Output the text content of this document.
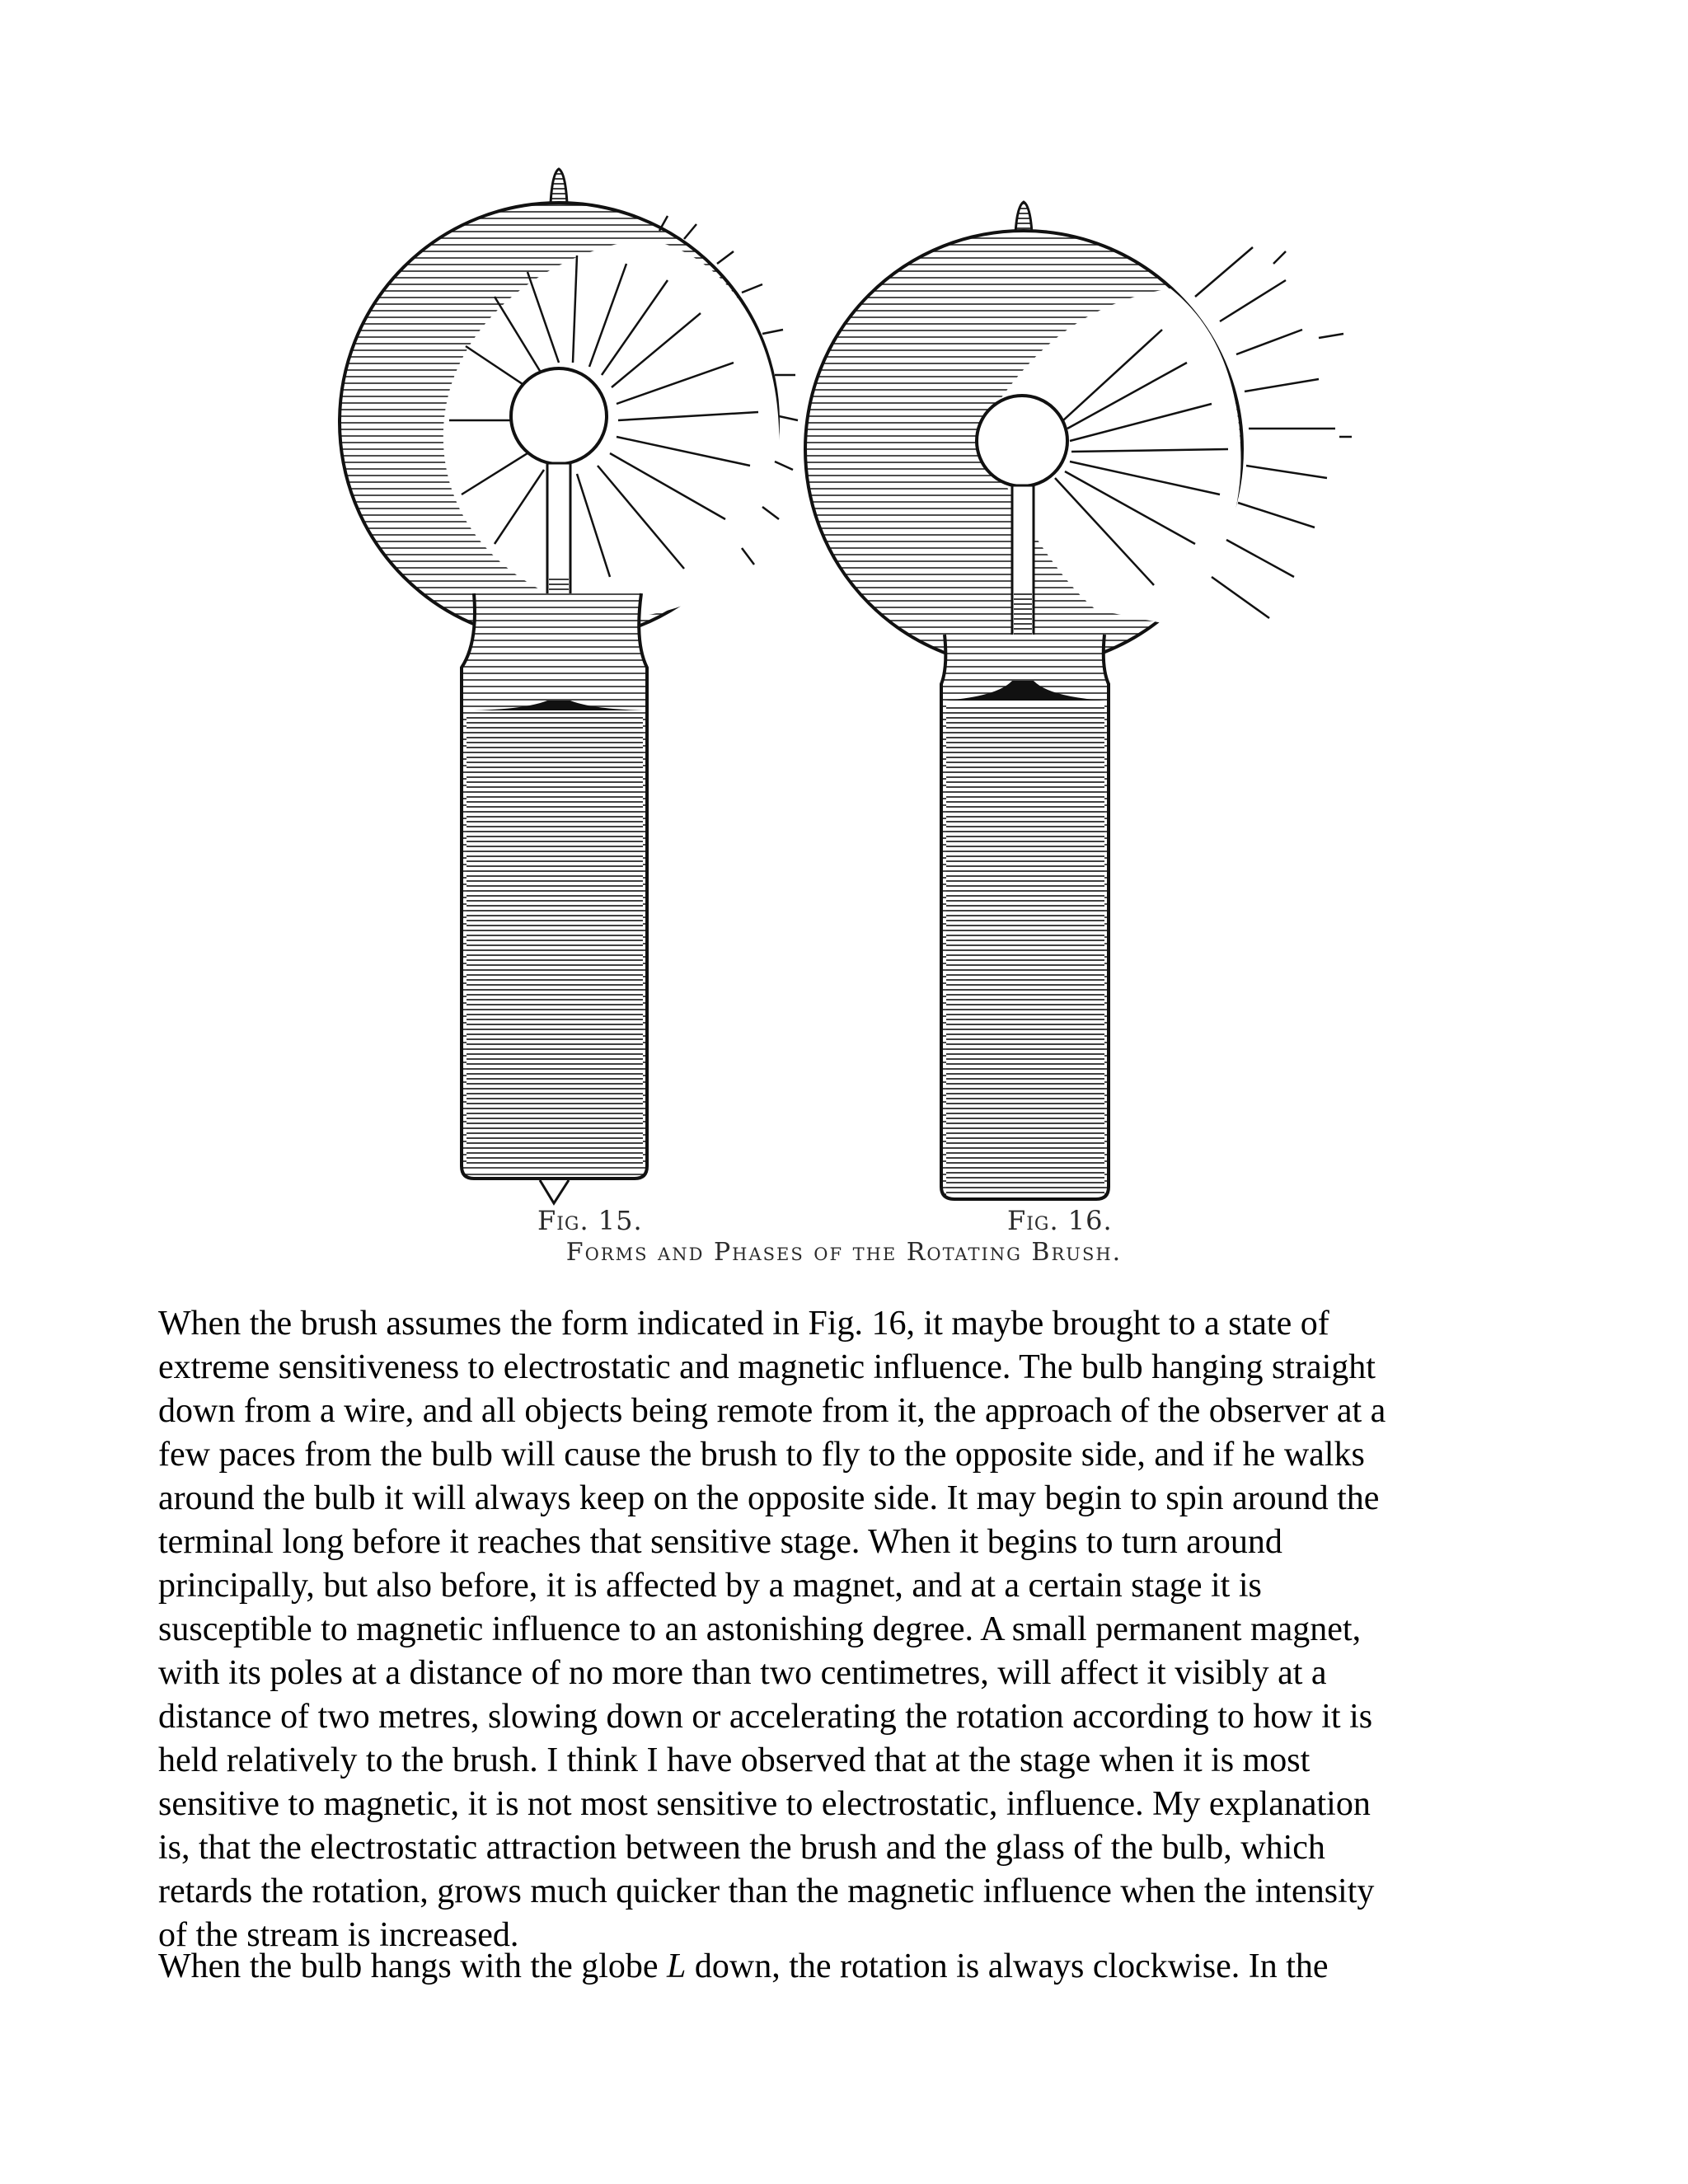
Fig. 15.	Fig. 16.
Forms and Phases of the Rotating Brush.
When the brush assumes the form indicated in Fig. 16, it maybe brought to a state of
extreme sensitiveness to electrostatic and magnetic influence. The bulb hanging straight
down from a wire, and all objects being remote from it, the approach of the observer at a
few paces from the bulb will cause the brush to fly to the opposite side, and if he walks
around the bulb it will always keep on the opposite side. It may begin to spin around the
terminal long before it reaches that sensitive stage. When it begins to turn around
principally, but also before, it is affected by a magnet, and at a certain stage it is
susceptible to magnetic influence to an astonishing degree. A small permanent magnet,
with its poles at a distance of no more than two centimetres, will affect it visibly at a
distance of two metres, slowing down or accelerating the rotation according to how it is
held relatively to the brush. I think I have observed that at the stage when it is most
sensitive to magnetic, it is not most sensitive to electrostatic, influence. My explanation
is, that the electrostatic attraction between the brush and the glass of the bulb, which
retards the rotation, grows much quicker than the magnetic influence when the intensity
of the stream is increased.
When the bulb hangs with the globe L down, the rotation is always clockwise. In the
